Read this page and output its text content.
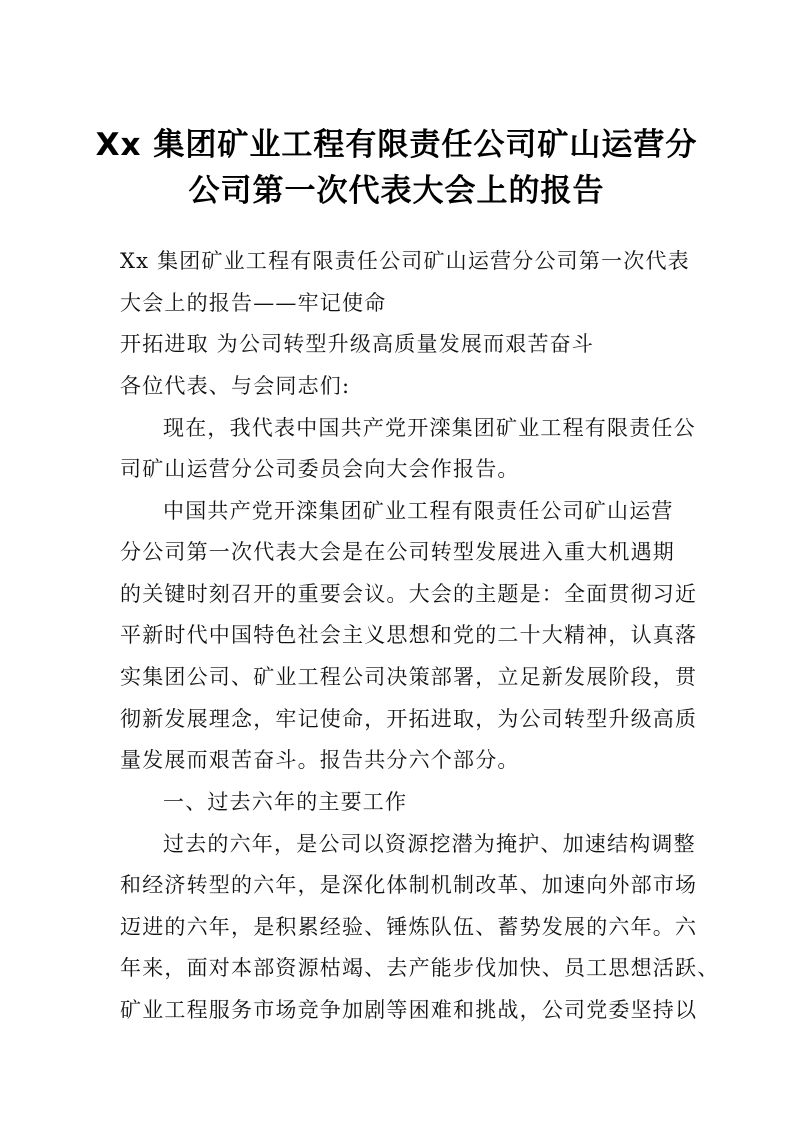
Xx 集团矿业工程有限责任公司矿山运营分
公司第一次代表大会上的报告
Xx 集团矿业工程有限责任公司矿山运营分公司第一次代表
大会上的报告——牢记使命
开拓进取 为公司转型升级高质量发展而艰苦奋斗
各位代表、与会同志们:
现在，我代表中国共产党开滦集团矿业工程有限责任公
司矿山运营分公司委员会向大会作报告。
中国共产党开滦集团矿业工程有限责任公司矿山运营
分公司第一次代表大会是在公司转型发展进入重大机遇期
的关键时刻召开的重要会议。大会的主题是：全面贯彻习近
平新时代中国特色社会主义思想和党的二十大精神，认真落
实集团公司、矿业工程公司决策部署，立足新发展阶段，贯
彻新发展理念，牢记使命，开拓进取，为公司转型升级高质
量发展而艰苦奋斗。报告共分六个部分。
一、过去六年的主要工作
过去的六年，是公司以资源挖潜为掩护、加速结构调整
和经济转型的六年，是深化体制机制改革、加速向外部市场
迈进的六年，是积累经验、锤炼队伍、蓄势发展的六年。六
年来，面对本部资源枯竭、去产能步伐加快、员工思想活跃、
矿业工程服务市场竞争加剧等困难和挑战，公司党委坚持以
